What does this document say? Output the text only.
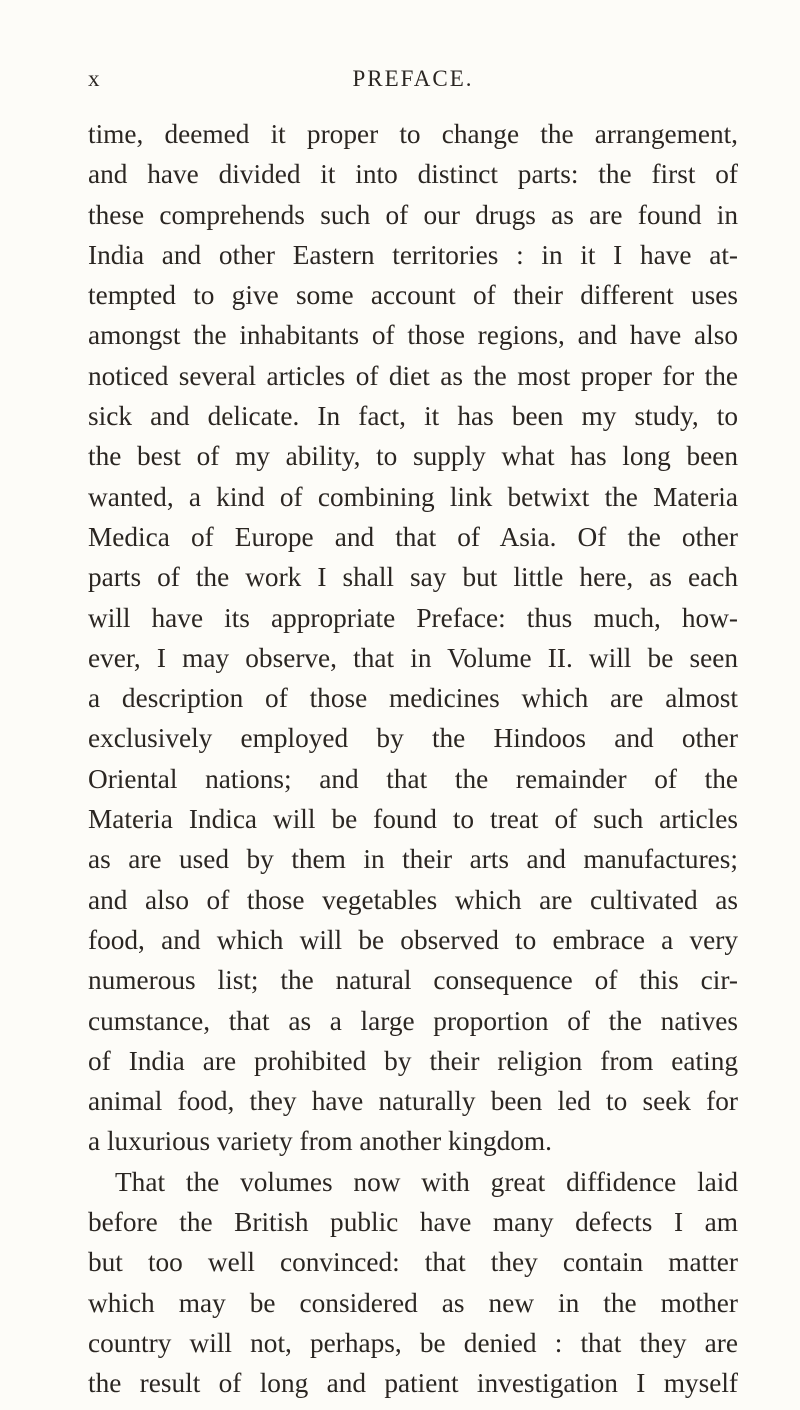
x	PREFACE.
time, deemed it proper to change the arrangement,
and have divided it into distinct parts: the first of
these comprehends such of our drugs as are found in
India and other Eastern territories : in it I have at-
tempted to give some account of their different uses
amongst the inhabitants of those regions, and have also
noticed several articles of diet as the most proper for the
sick and delicate. In fact, it has been my study, to
the best of my ability, to supply what has long been
wanted, a kind of combining link betwixt the Materia
Medica of Europe and that of Asia. Of the other
parts of the work I shall say but little here, as each
will have its appropriate Preface: thus much, how-
ever, I may observe, that in Volume II. will be seen
a description of those medicines which are almost
exclusively employed by the Hindoos and other
Oriental nations; and that the remainder of the
Materia Indica will be found to treat of such articles
as are used by them in their arts and manufactures;
and also of those vegetables which are cultivated as
food, and which will be observed to embrace a very
numerous list; the natural consequence of this cir-
cumstance, that as a large proportion of the natives
of India are prohibited by their religion from eating
animal food, they have naturally been led to seek for
a luxurious variety from another kingdom.
That the volumes now with great diffidence laid
before the British public have many defects I am
but too well convinced: that they contain matter
which may be considered as new in the mother
country will not, perhaps, be denied : that they are
the result of long and patient investigation I myself
